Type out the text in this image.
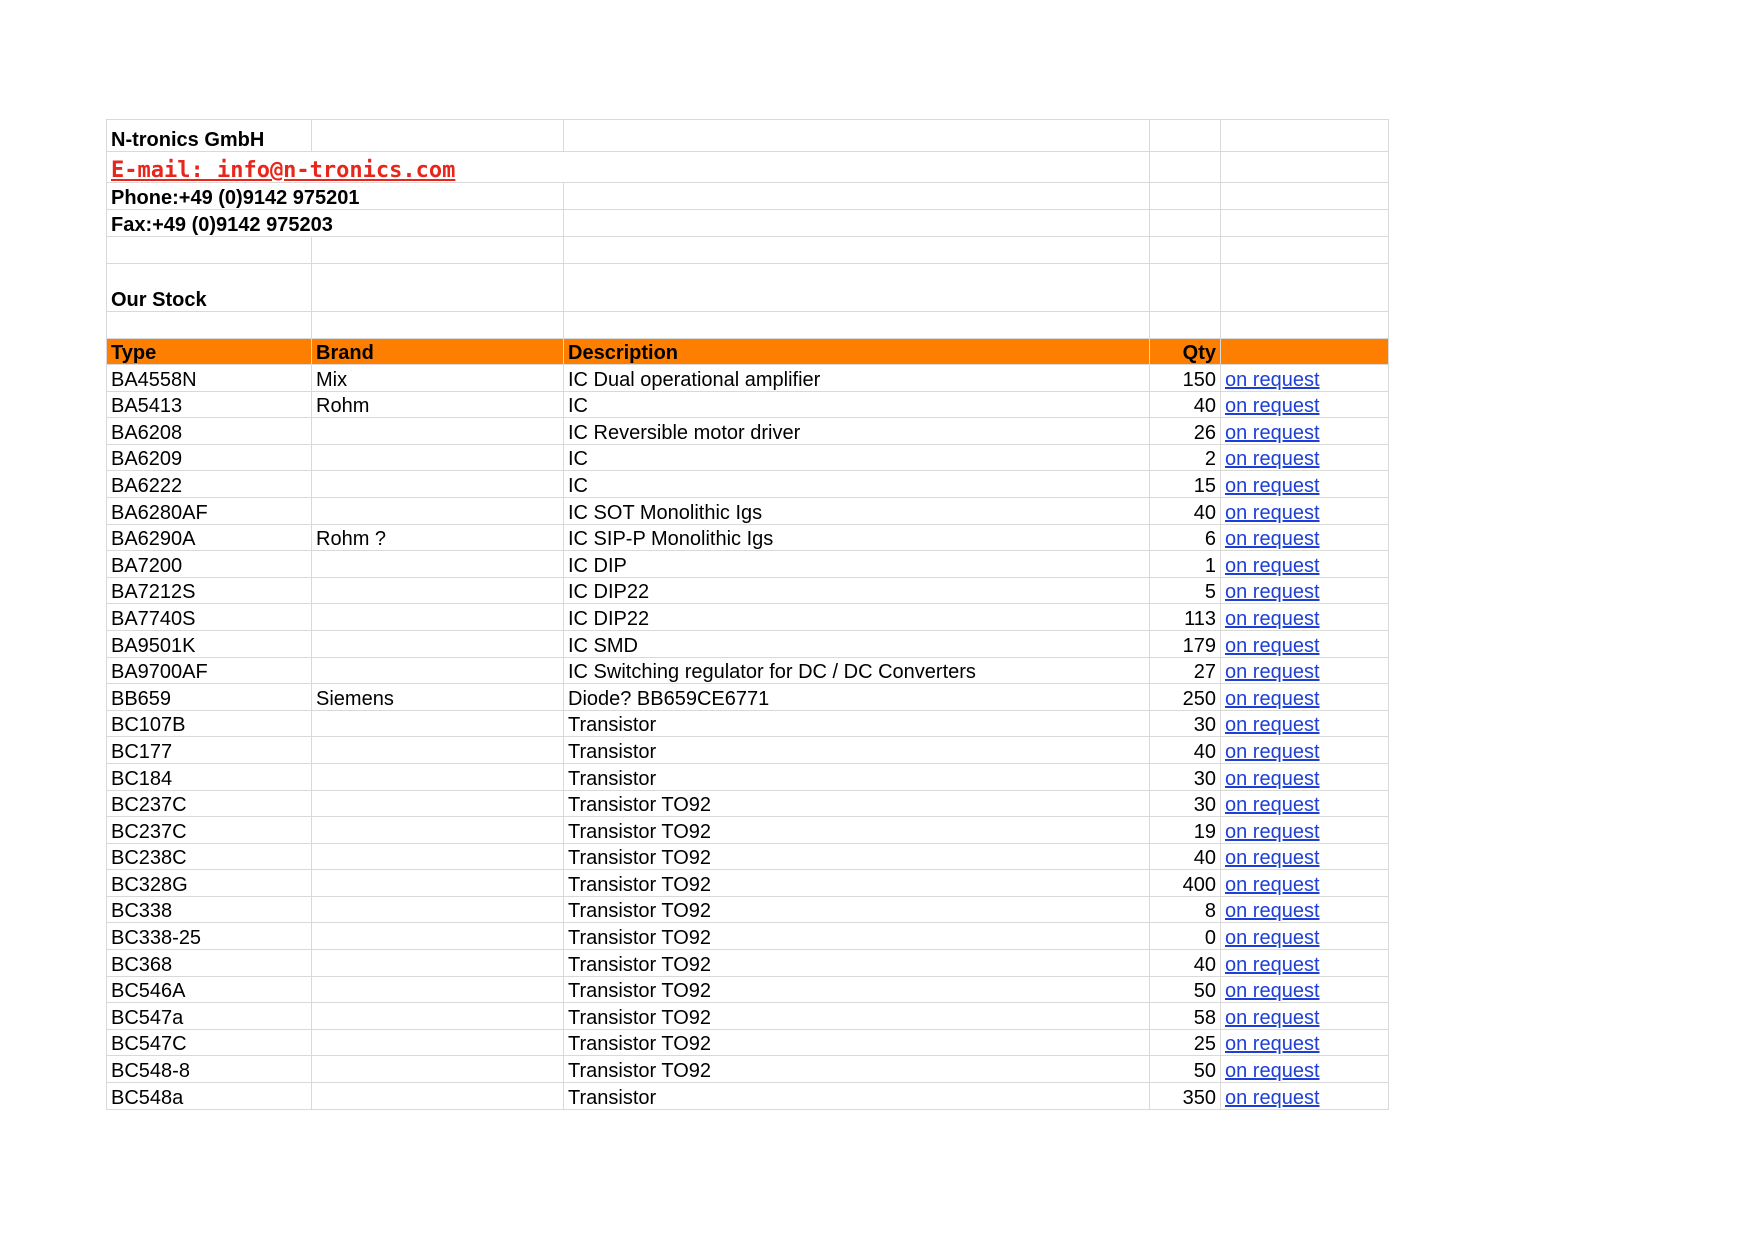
N-tronics GmbH				
E-mail: info@n-tronics.com				
Phone:+49 (0)9142 975201				
Fax:+49 (0)9142 975203				

Our Stock				

Type	Brand	Description	Qty	
BA4558N	Mix	IC Dual operational amplifier	150	on request
BA5413	Rohm	IC	40	on request
BA6208		IC Reversible motor driver	26	on request
BA6209		IC	2	on request
BA6222		IC	15	on request
BA6280AF		IC SOT Monolithic Igs	40	on request
BA6290A	Rohm ?	IC SIP-P Monolithic Igs	6	on request
BA7200		IC DIP	1	on request
BA7212S		IC DIP22	5	on request
BA7740S		IC DIP22	113	on request
BA9501K		IC SMD	179	on request
BA9700AF		IC Switching regulator for DC / DC Converters	27	on request
BB659	Siemens	Diode? BB659CE6771	250	on request
BC107B		Transistor	30	on request
BC177		Transistor	40	on request
BC184		Transistor	30	on request
BC237C		Transistor TO92	30	on request
BC237C		Transistor TO92	19	on request
BC238C		Transistor TO92	40	on request
BC328G		Transistor TO92	400	on request
BC338		Transistor TO92	8	on request
BC338-25		Transistor TO92	0	on request
BC368		Transistor TO92	40	on request
BC546A		Transistor TO92	50	on request
BC547a		Transistor TO92	58	on request
BC547C		Transistor TO92	25	on request
BC548-8		Transistor TO92	50	on request
BC548a		Transistor	350	on request
